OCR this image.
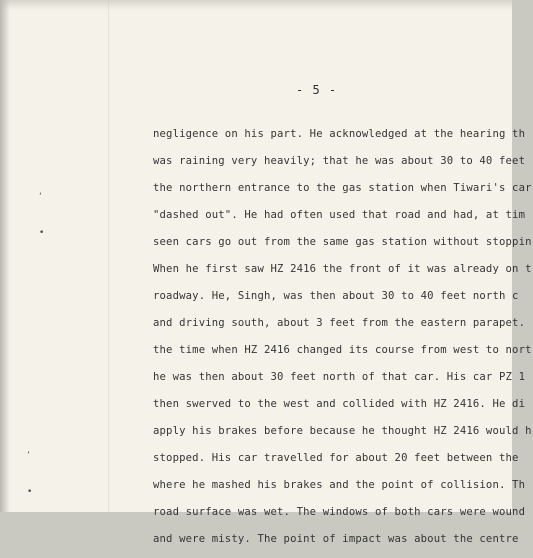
- 5 -
negligence on his part. He acknowledged at the hearing th
was raining very heavily; that he was about 30 to 40 feet
the northern entrance to the gas station when Tiwari's car
"dashed out". He had often used that road and had, at tim
seen cars go out from the same gas station without stoppin
When he first saw HZ 2416 the front of it was already on t
roadway. He, Singh, was then about 30 to 40 feet north c
and driving south, about 3 feet from the eastern parapet.
the time when HZ 2416 changed its course from west to nort
he was then about 30 feet north of that car. His car PZ 1
then swerved to the west and collided with HZ 2416. He di
apply his brakes before because he thought HZ 2416 would h
stopped. His car travelled for about 20 feet between the
where he mashed his brakes and the point of collision. Th
road surface was wet. The windows of both cars were wound
and were misty. The point of impact was about the centre
‘
•
’
•
